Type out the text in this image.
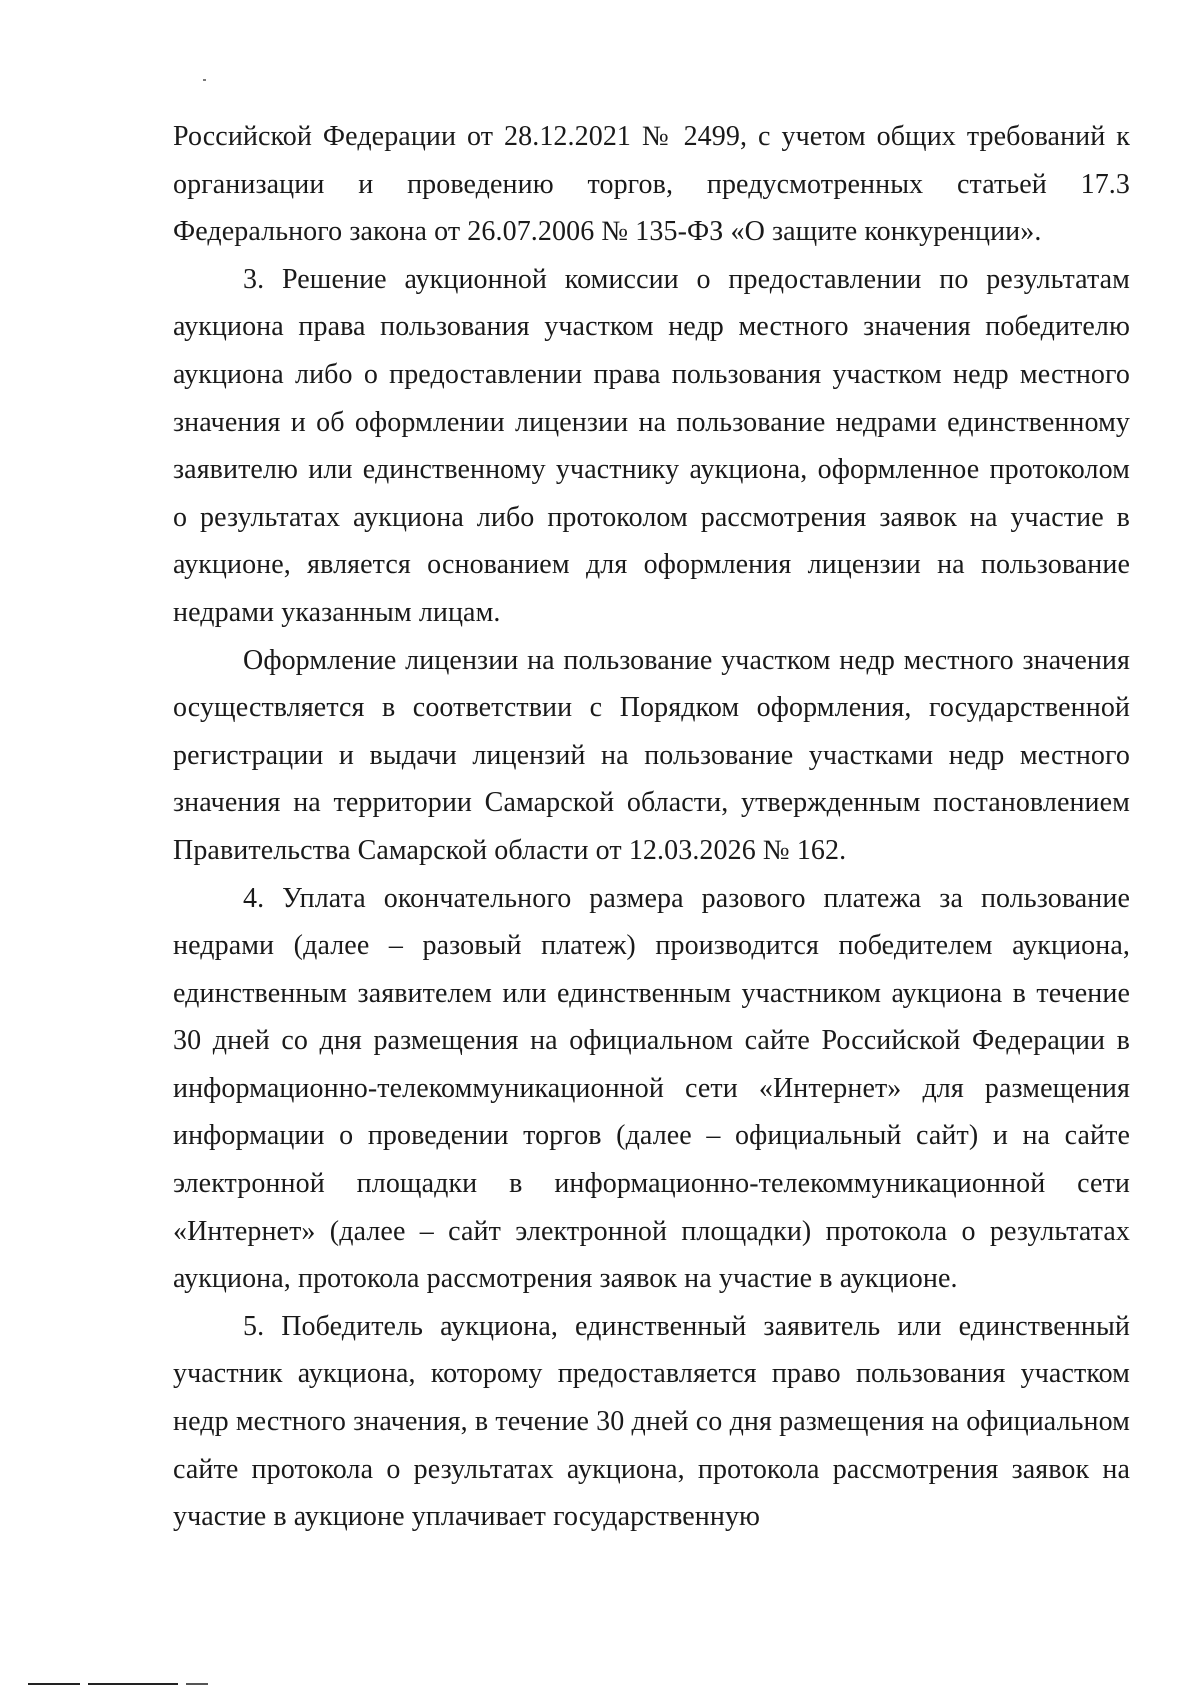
Российской Федерации от 28.12.2021 № 2499, с учетом общих требований к организации и проведению торгов, предусмотренных статьей 17.3 Федерального закона от 26.07.2006 № 135-ФЗ «О защите конкуренции».

3. Решение аукционной комиссии о предоставлении по результатам аукциона права пользования участком недр местного значения победителю аукциона либо о предоставлении права пользования участком недр местного значения и об оформлении лицензии на пользование недрами единственному заявителю или единственному участнику аукциона, оформленное протоколом о результатах аукциона либо протоколом рассмотрения заявок на участие в аукционе, является основанием для оформления лицензии на пользование недрами указанным лицам.

Оформление лицензии на пользование участком недр местного значения осуществляется в соответствии с Порядком оформления, государственной регистрации и выдачи лицензий на пользование участками недр местного значения на территории Самарской области, утвержденным постановлением Правительства Самарской области от 12.03.2026 № 162.

4. Уплата окончательного размера разового платежа за пользование недрами (далее – разовый платеж) производится победителем аукциона, единственным заявителем или единственным участником аукциона в течение 30 дней со дня размещения на официальном сайте Российской Федерации в информационно-телекоммуникационной сети «Интернет» для размещения информации о проведении торгов (далее – официальный сайт) и на сайте электронной площадки в информационно-телекоммуникационной сети «Интернет» (далее – сайт электронной площадки) протокола о результатах аукциона, протокола рассмотрения заявок на участие в аукционе.

5. Победитель аукциона, единственный заявитель или единственный участник аукциона, которому предоставляется право пользования участком недр местного значения, в течение 30 дней со дня размещения на официальном сайте протокола о результатах аукциона, протокола рассмотрения заявок на участие в аукционе уплачивает государственную
